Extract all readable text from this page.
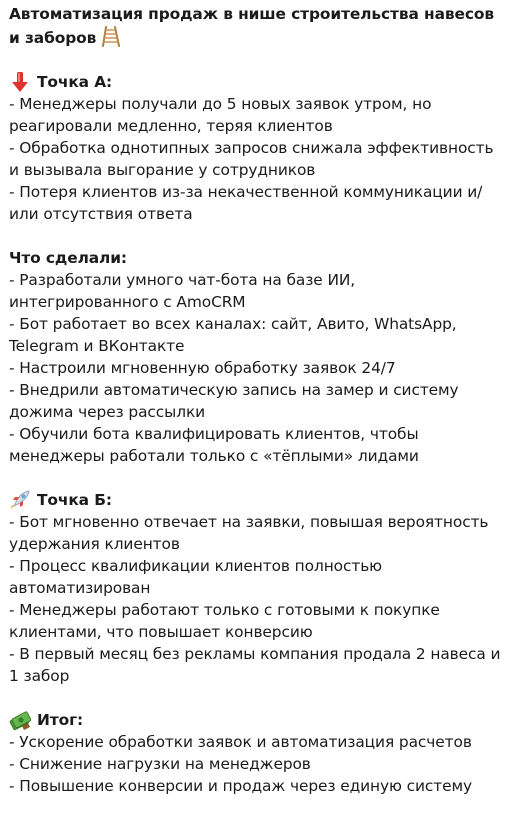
Автоматизация продаж в нише строительства навесов и заборов
Точка А:
- Менеджеры получали до 5 новых заявок утром, но реагировали медленно, теряя клиентов
- Обработка однотипных запросов снижала эффективность и вызывала выгорание у сотрудников
- Потеря клиентов из-за некачественной коммуникации и/или отсутствия ответа
Что сделали:
- Разработали умного чат-бота на базе ИИ, интегрированного с AmoCRM
- Бот работает во всех каналах: сайт, Авито, WhatsApp, Telegram и ВКонтакте
- Настроили мгновенную обработку заявок 24/7
- Внедрили автоматическую запись на замер и систему дожима через рассылки
- Обучили бота квалифицировать клиентов, чтобы менеджеры работали только с «тёплыми» лидами
Точка Б:
- Бот мгновенно отвечает на заявки, повышая вероятность удержания клиентов
- Процесс квалификации клиентов полностью автоматизирован
- Менеджеры работают только с готовыми к покупке клиентами, что повышает конверсию
- В первый месяц без рекламы компания продала 2 навеса и 1 забор
Итог:
- Ускорение обработки заявок и автоматизация расчетов
- Снижение нагрузки на менеджеров
- Повышение конверсии и продаж через единую систему
